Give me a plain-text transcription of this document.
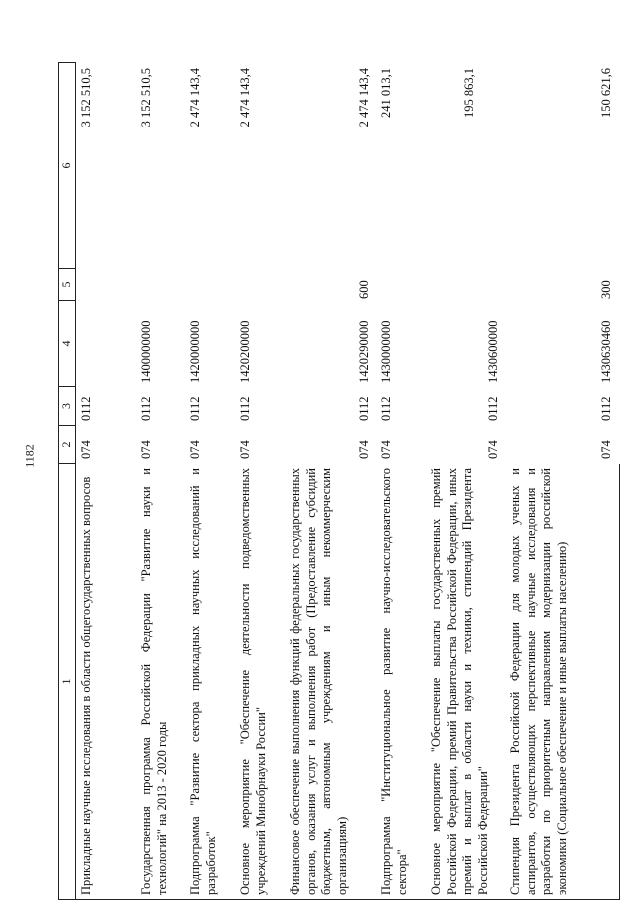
1182
1
2
3
4
5
6
Прикладные научные исследования в области общегосударственных вопросов
074
0112
3 152 510,5
Государственная программа Российской Федерации "Развитие науки и технологий" на 2013 - 2020 годы
074
0112
1400000000
3 152 510,5
Подпрограмма "Развитие сектора прикладных научных исследований и разработок"
074
0112
1420000000
2 474 143,4
Основное мероприятие "Обеспечение деятельности подведомственных учреждений Минобрнауки России"
074
0112
1420200000
2 474 143,4
Финансовое обеспечение выполнения функций федеральных государственных органов, оказания услуг и выполнения работ (Предоставление субсидий бюджетным, автономным учреждениям и иным некоммерческим организациям)
074
0112
1420290000
600
2 474 143,4
Подпрограмма "Институциональное развитие научно-исследовательского сектора"
074
0112
1430000000
241 013,1
Основное мероприятие "Обеспечение выплаты государственных премий Российской Федерации, премий Правительства Российской Федерации, иных премий и выплат в области науки и техники, стипендий Президента Российской Федерации"
074
0112
1430600000
195 863,1
Стипендия Президента Российской Федерации для молодых ученых и аспирантов, осуществляющих перспективные научные исследования и разработки по приоритетным направлениям модернизации российской экономики (Социальное обеспечение и иные выплаты населению)
074
0112
1430630460
300
150 621,6
